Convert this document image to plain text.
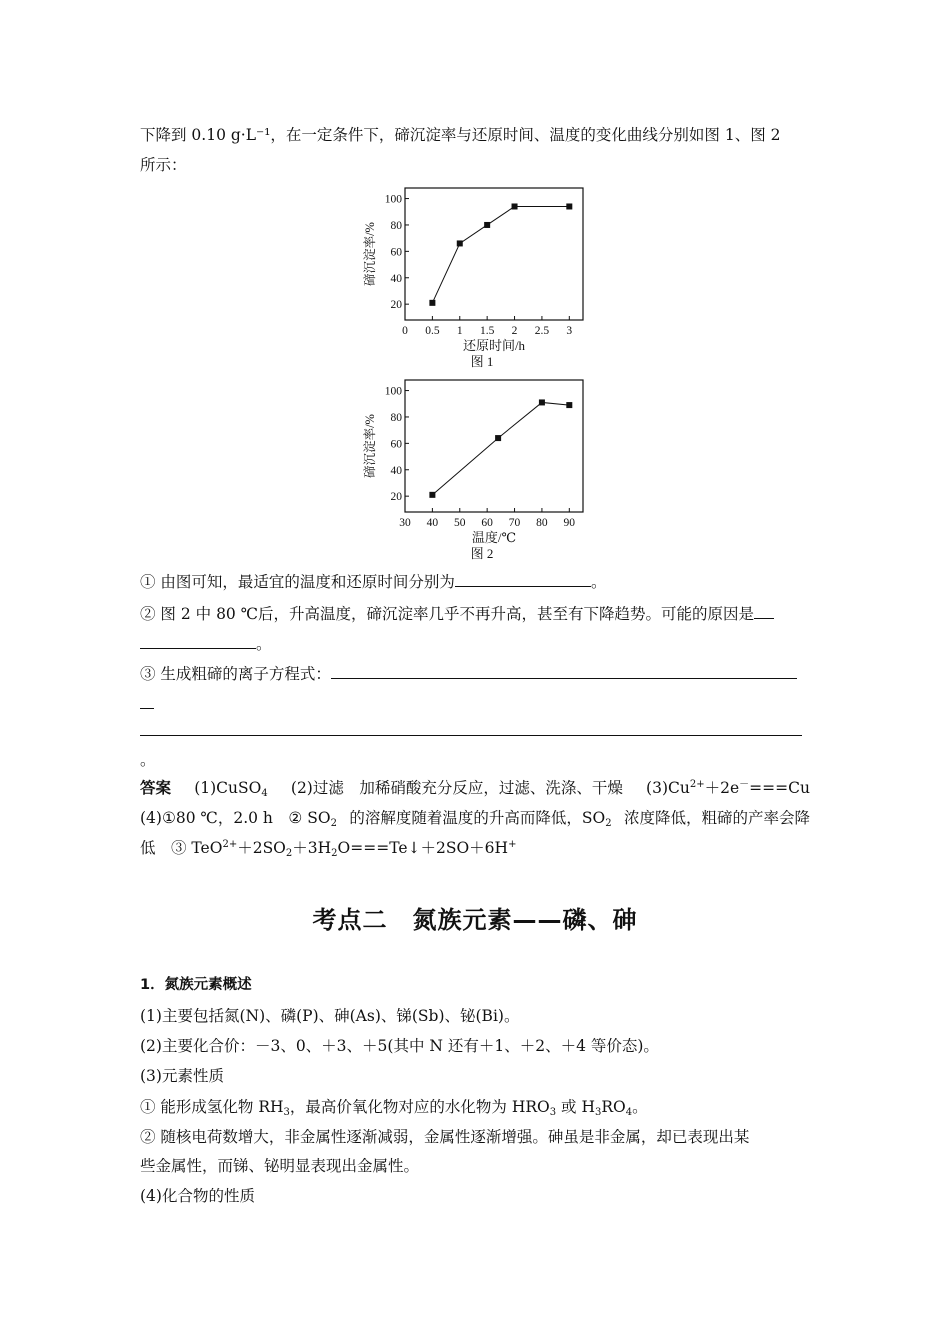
下降到 0.10 g·L⁻¹，在一定条件下，碲沉淀率与还原时间、温度的变化曲线分别如图 1、图 2
所示：
20
40
60
80
100
0 0.5 1 1.5 2 2.5 3
碲沉淀率/%
还原时间/h
图 1
20
40
60
80
100
30 40 50 60 70 80 90
碲沉淀率/%
温度/℃
图 2
① 由图可知，最适宜的温度和还原时间分别为	。
② 图 2 中 80 ℃后，升高温度，碲沉淀率几乎不再升高，甚至有下降趋势。可能的原因是
。
③ 生成粗碲的离子方程式：
。
答案 (1)CuSO$_4$ (2)过滤　加稀硝酸充分反应，过滤、洗涤、干燥 $(3)Cu^{2+}+2e^-===Cu$
(4)①80 ℃，2.0 h　② $SO_2$ 的溶解度随着温度的升高而降低，$SO_2$ 浓度降低，粗碲的产率会降
低　③ $TeO^{2+}+2SO_2+3H_2O===Te↓+2SO+6H^+$
考点二　氮族元素——磷、砷
1．氮族元素概述
(1)主要包括氮(N)、磷(P)、砷(As)、锑(Sb)、铋(Bi)。
(2)主要化合价：－3、0、＋3、＋5(其中 N 还有＋1、＋2、＋4 等价态)。
(3)元素性质
① 能形成氢化物 $RH_3$，最高价氧化物对应的水化物为 $HRO_3$ 或 $H_3RO_4$。
② 随核电荷数增大，非金属性逐渐减弱，金属性逐渐增强。砷虽是非金属，却已表现出某
些金属性，而锑、铋明显表现出金属性。
(4)化合物的性质
